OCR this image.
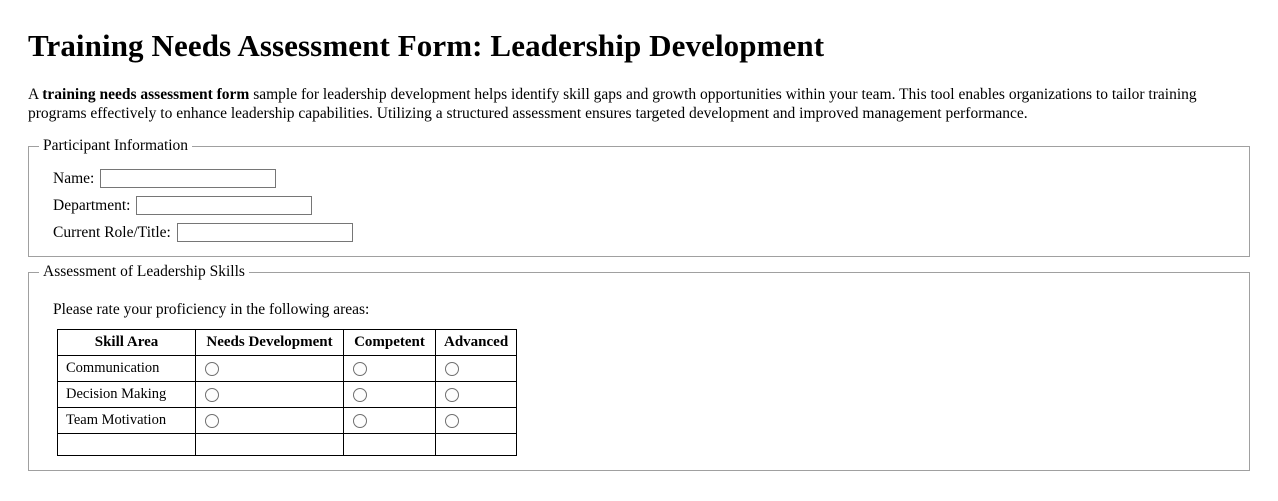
Training Needs Assessment Form: Leadership Development

A training needs assessment form sample for leadership development helps identify skill gaps and growth opportunities within your team. This tool enables organizations to tailor training programs effectively to enhance leadership capabilities. Utilizing a structured assessment ensures targeted development and improved management performance.

Participant Information
Name:
Department:
Current Role/Title:
Assessment of Leadership Skills
Please rate your proficiency in the following areas:
Skill Area	Needs Development	Competent	Advanced
Communication			
Decision Making			
Team Motivation			
